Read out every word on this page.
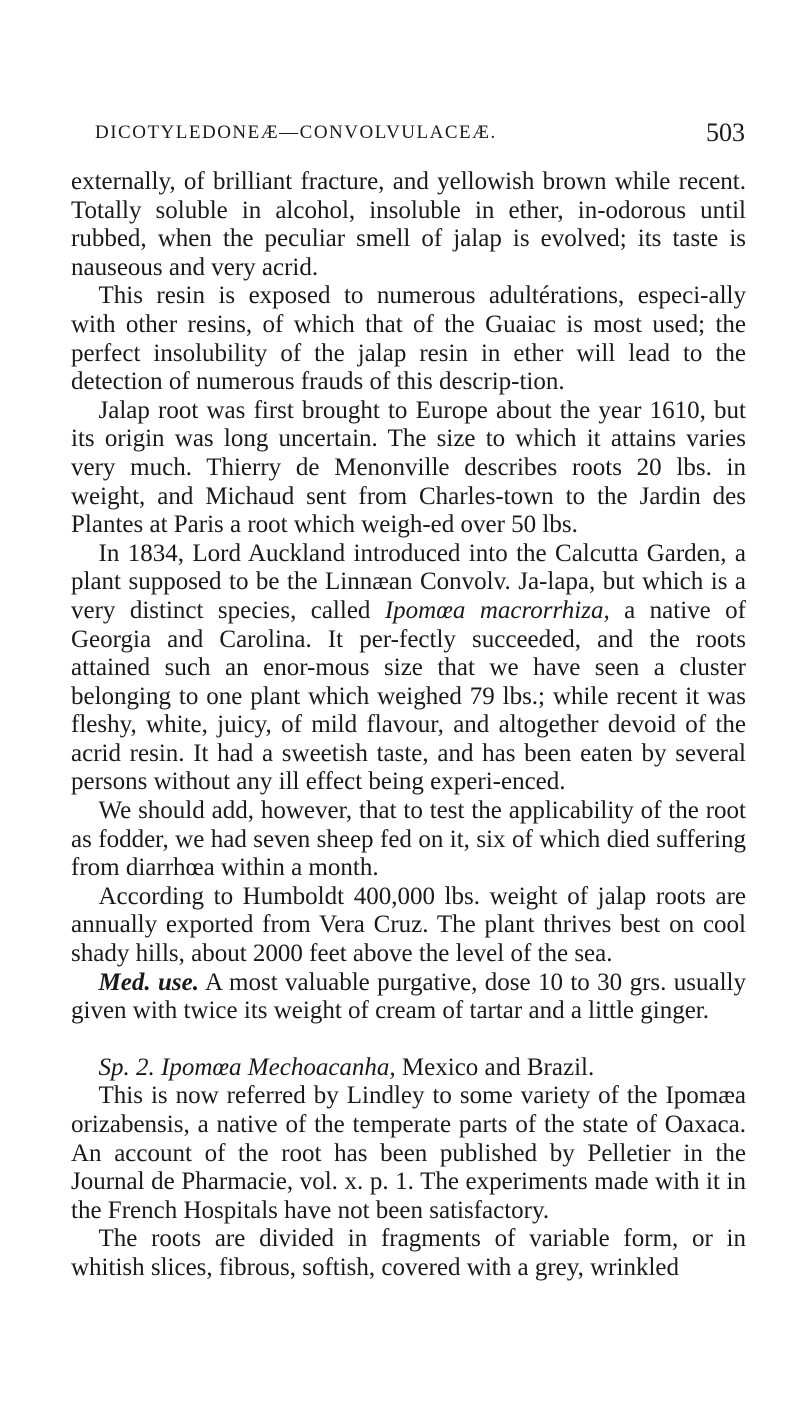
DICOTYLEDONEÆ—CONVOLVULACEÆ.	503

externally, of brilliant fracture, and yellowish brown while recent. Totally soluble in alcohol, insoluble in ether, in-odorous until rubbed, when the peculiar smell of jalap is evolved; its taste is nauseous and very acrid.

This resin is exposed to numerous adultérations, especi-ally with other resins, of which that of the Guaiac is most used; the perfect insolubility of the jalap resin in ether will lead to the detection of numerous frauds of this descrip-tion.

Jalap root was first brought to Europe about the year 1610, but its origin was long uncertain. The size to which it attains varies very much. Thierry de Menonville describes roots 20 lbs. in weight, and Michaud sent from Charles-town to the Jardin des Plantes at Paris a root which weigh-ed over 50 lbs.

In 1834, Lord Auckland introduced into the Calcutta Garden, a plant supposed to be the Linnæan Convolv. Ja-lapa, but which is a very distinct species, called Ipomœa macrorrhiza, a native of Georgia and Carolina. It per-fectly succeeded, and the roots attained such an enor-mous size that we have seen a cluster belonging to one plant which weighed 79 lbs.; while recent it was fleshy, white, juicy, of mild flavour, and altogether devoid of the acrid resin. It had a sweetish taste, and has been eaten by several persons without any ill effect being experi-enced.

We should add, however, that to test the applicability of the root as fodder, we had seven sheep fed on it, six of which died suffering from diarrhœa within a month.

According to Humboldt 400,000 lbs. weight of jalap roots are annually exported from Vera Cruz. The plant thrives best on cool shady hills, about 2000 feet above the level of the sea.

Med. use. A most valuable purgative, dose 10 to 30 grs. usually given with twice its weight of cream of tartar and a little ginger.

Sp. 2. Ipomœa Mechoacanha, Mexico and Brazil.

This is now referred by Lindley to some variety of the Ipomæa orizabensis, a native of the temperate parts of the state of Oaxaca. An account of the root has been published by Pelletier in the Journal de Pharmacie, vol. x. p. 1. The experiments made with it in the French Hospitals have not been satisfactory.

The roots are divided in fragments of variable form, or in whitish slices, fibrous, softish, covered with a grey, wrinkled
